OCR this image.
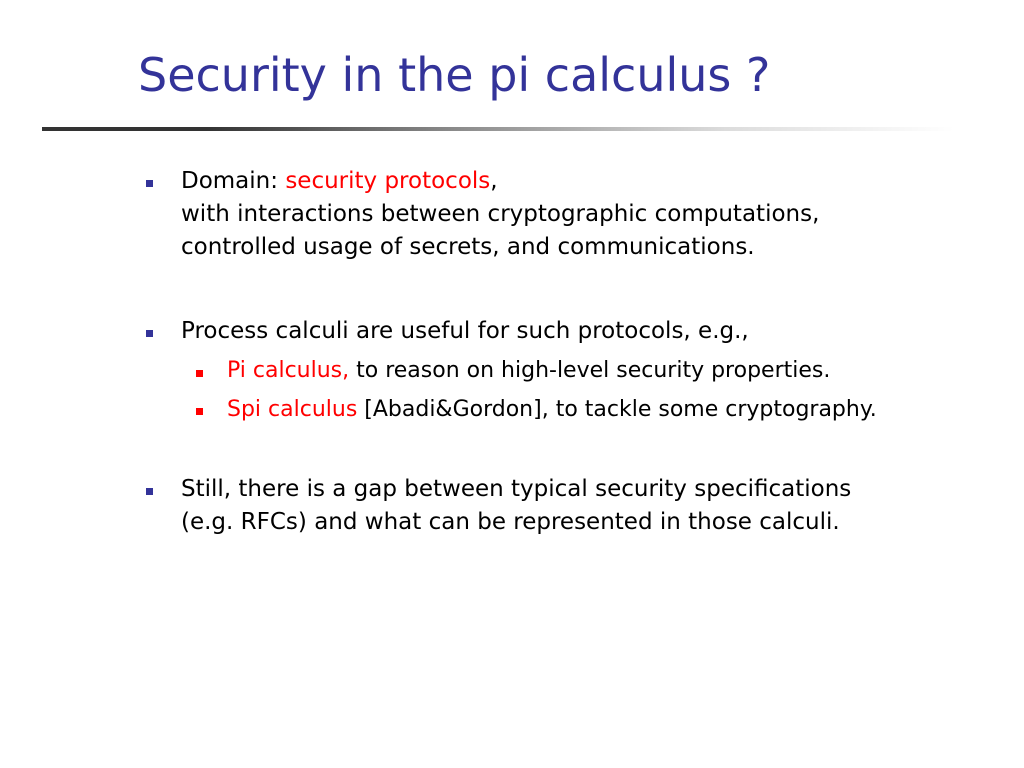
Security in the pi calculus ?
Domain: security protocols,
with interactions between cryptographic computations,
controlled usage of secrets, and communications.
Process calculi are useful for such protocols, e.g.,
Pi calculus, to reason on high-level security properties.
Spi calculus [Abadi&Gordon], to tackle some cryptography.
Still, there is a gap between typical security specifications
(e.g. RFCs) and what can be represented in those calculi.
